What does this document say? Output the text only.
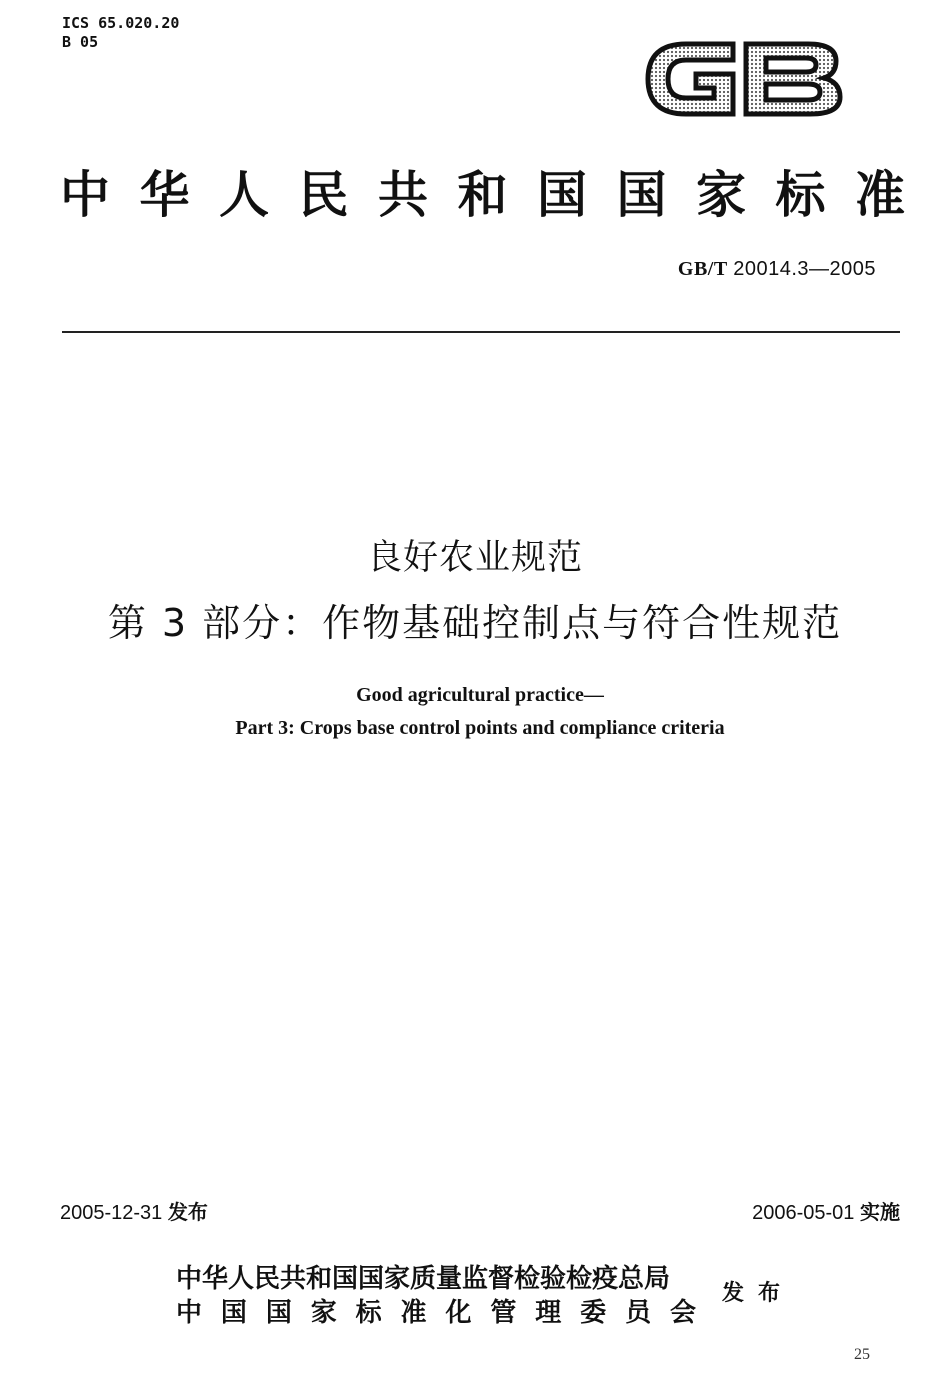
ICS 65.020.20
B 05
GB
中 华 人 民 共 和 国 国 家 标 准
GB/T 20014.3—2005
良好农业规范
第 3 部分：作物基础控制点与符合性规范
Good agricultural practice—
Part 3: Crops base control points and compliance criteria
2005-12-31 发布	2006-05-01 实施
中华人民共和国国家质量监督检验检疫总局
中 国 国 家 标 准 化 管 理 委 员 会
发布
25
